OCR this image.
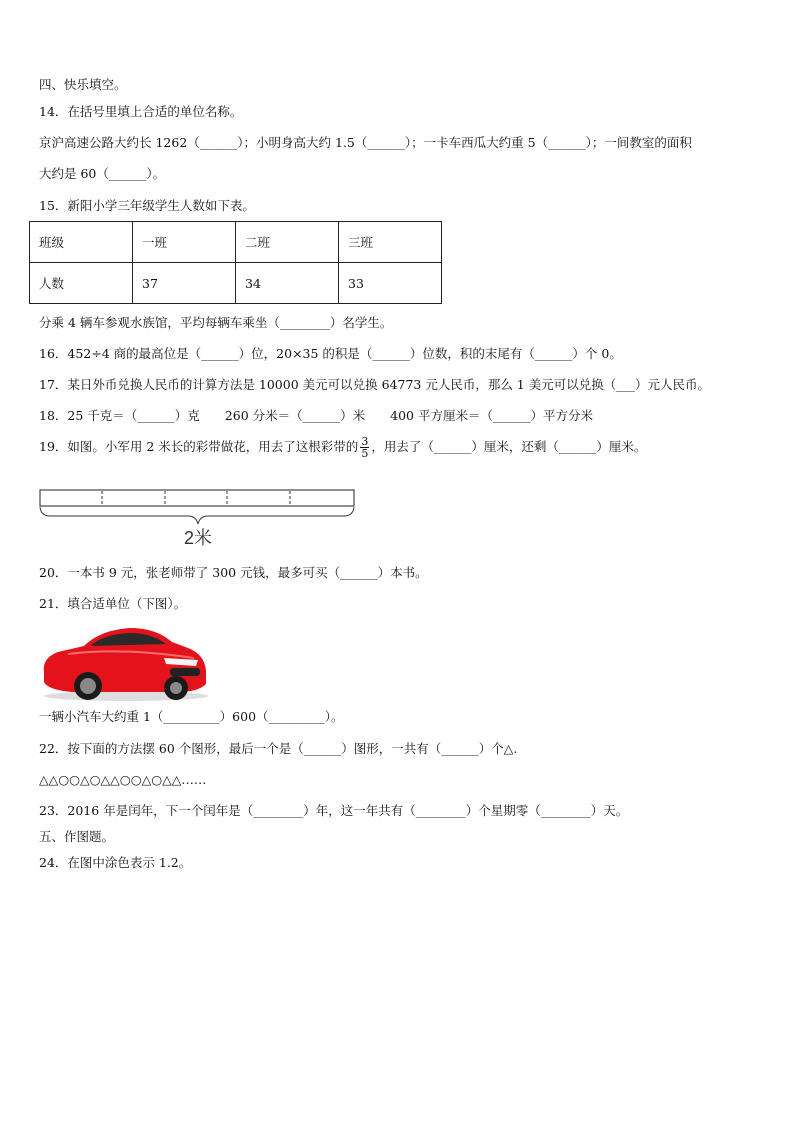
四、快乐填空。
14．在括号里填上合适的单位名称。
京沪高速公路大约长 1262（______）；小明身高大约 1.5（______）；一卡车西瓜大约重 5（______）；一间教室的面积
大约是 60（______）。
15．新阳小学三年级学生人数如下表。
班级	一班	二班	三班
人数	37	34	33
分乘 4 辆车参观水族馆，平均每辆车乘坐（________）名学生。
16．452÷4 商的最高位是（______）位，20×35 的积是（______）位数，积的末尾有（______）个 0。
17．某日外币兑换人民币的计算方法是 10000 美元可以兑换 64773 元人民币，那么 1 美元可以兑换（___）元人民币。
18．25 千克＝（______）克　　260 分米＝（______）米　　400 平方厘米＝（______）平方分米
19．如图。小军用 2 米长的彩带做花，用去了这根彩带的 $\frac{3}{5}$ ，用去了（______）厘米，还剩（______）厘米。
2米
20．一本书 9 元，张老师带了 300 元钱，最多可买（______）本书。
21．填合适单位（下图）。
一辆小汽车大约重 1（_________）600（_________）。
22．按下面的方法摆 60 个图形，最后一个是（______）图形，一共有（______）个△.
△△○○△○△△○○△○△△……
23．2016 年是闰年，下一个闰年是（________）年，这一年共有（________）个星期零（________）天。
五、作图题。
24．在图中涂色表示 1.2。
